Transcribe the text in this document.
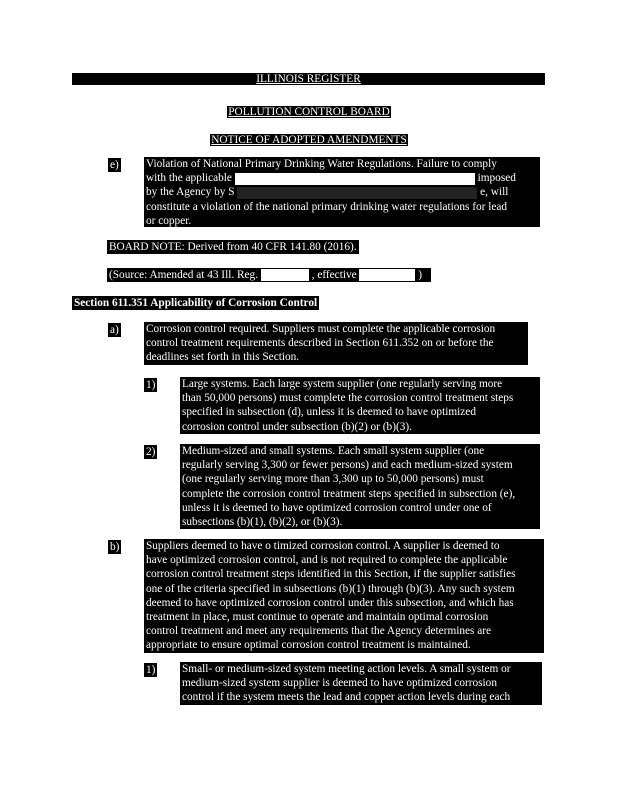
ILLINOIS REGISTER
POLLUTION CONTROL BOARD
NOTICE OF ADOPTED AMENDMENTS
e) Violation of National Primary Drinking Water Regulations. Failure to comply
with the applicable	imposed
by the Agency by S	e, will
constitute a violation of the national primary drinking water regulations for lead
or copper.
BOARD NOTE: Derived from 40 CFR 141.80 (2016).
(Source: Amended at 43 Ill. Reg.	, effective	)
Section 611.351 Applicability of Corrosion Control
a) Corrosion control required. Suppliers must complete the applicable corrosion
control treatment requirements described in Section 611.352 on or before the
deadlines set forth in this Section.
1) Large systems. Each large system supplier (one regularly serving more
than 50,000 persons) must complete the corrosion control treatment steps
specified in subsection (d), unless it is deemed to have optimized
corrosion control under subsection (b)(2) or (b)(3).
2) Medium-sized and small systems. Each small system supplier (one
regularly serving 3,300 or fewer persons) and each medium-sized system
(one regularly serving more than 3,300 up to 50,000 persons) must
complete the corrosion control treatment steps specified in subsection (e),
unless it is deemed to have optimized corrosion control under one of
subsections (b)(1), (b)(2), or (b)(3).
b) Suppliers deemed to have o timized corrosion control. A supplier is deemed to
have optimized corrosion control, and is not required to complete the applicable
corrosion control treatment steps identified in this Section, if the supplier satisfies
one of the criteria specified in subsections (b)(1) through (b)(3). Any such system
deemed to have optimized corrosion control under this subsection, and which has
treatment in place, must continue to operate and maintain optimal corrosion
control treatment and meet any requirements that the Agency determines are
appropriate to ensure optimal corrosion control treatment is maintained.
1) Small- or medium-sized system meeting action levels. A small system or
medium-sized system supplier is deemed to have optimized corrosion
control if the system meets the lead and copper action levels during each
